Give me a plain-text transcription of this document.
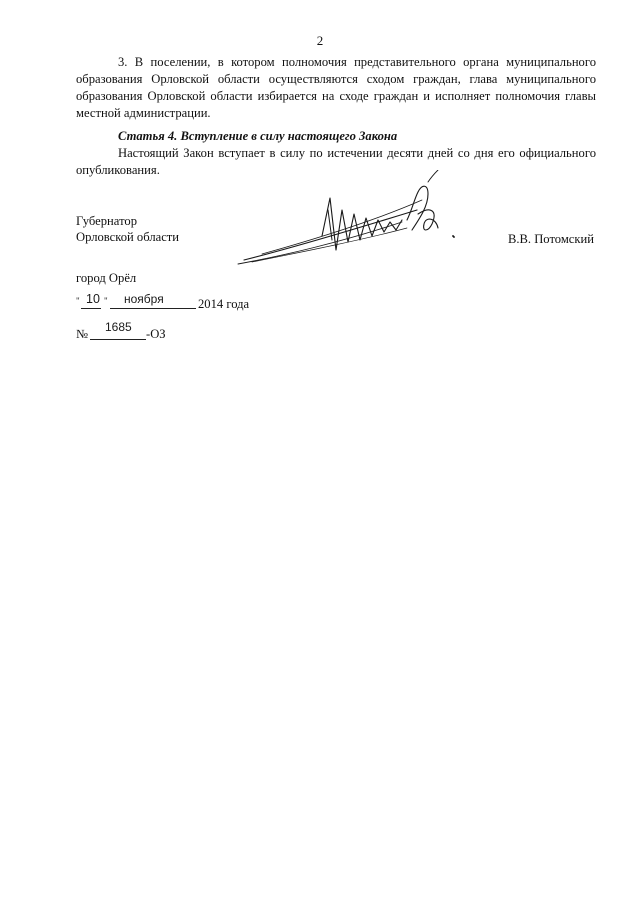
2

3. В поселении, в котором полномочия представительного органа муниципального образования Орловской области осуществляются сходом граждан, глава муниципального образования Орловской области избирается на сходе граждан и исполняет полномочия главы местной администрации.

Статья 4. Вступление в силу настоящего Закона

Настоящий Закон вступает в силу по истечении десяти дней со дня его официального опубликования.

Губернатор
Орловской области	В.В. Потомский
город Орёл
" 10 " ноября	2014 года
№ 1685 -ОЗ
